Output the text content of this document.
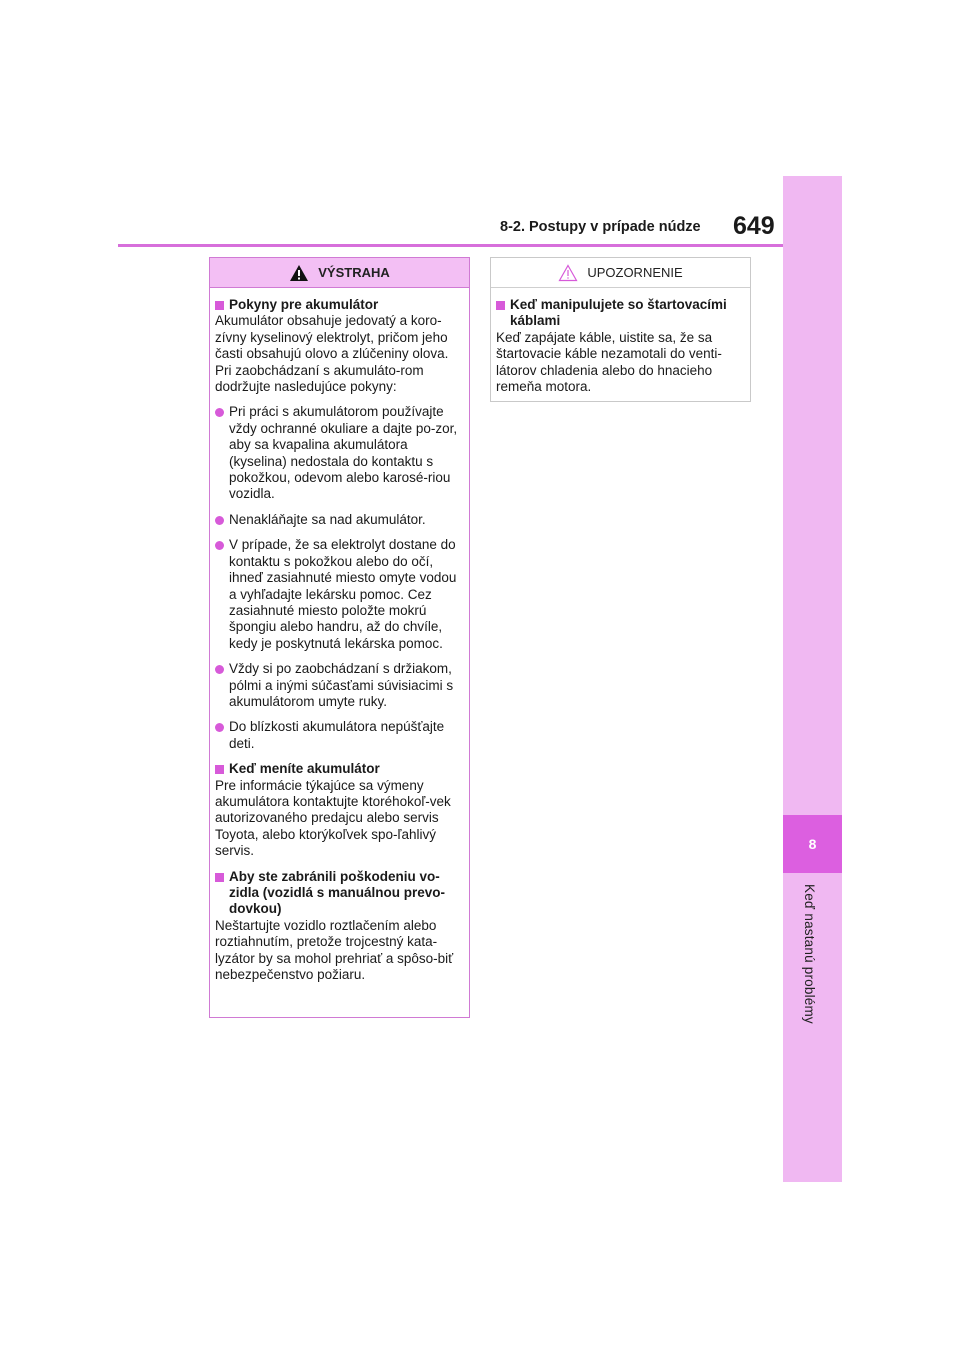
8
Keď nastanú problémy
8-2. Postupy v prípade núdze 649
VÝSTRAHA
Pokyny pre akumulátor
Akumulátor obsahuje jedovatý a koro-zívny kyselinový elektrolyt, pričom jeho časti obsahujú olovo a zlúčeniny olova. Pri zaobchádzaní s akumuláto-rom dodržujte nasledujúce pokyny:
Pri práci s akumulátorom používajte vždy ochranné okuliare a dajte po-zor, aby sa kvapalina akumulátora (kyselina) nedostala do kontaktu s pokožkou, odevom alebo karosé-riou vozidla.
Nenakláňajte sa nad akumulátor.
V prípade, že sa elektrolyt dostane do kontaktu s pokožkou alebo do očí, ihneď zasiahnuté miesto omyte vodou a vyhľadajte lekársku pomoc. Cez zasiahnuté miesto položte mokrú špongiu alebo handru, až do chvíle, kedy je poskytnutá lekárska pomoc.
Vždy si po zaobchádzaní s držiakom, pólmi a inými súčasťami súvisiacimi s akumulátorom umyte ruky.
Do blízkosti akumulátora nepúšťajte deti.
Keď meníte akumulátor
Pre informácie týkajúce sa výmeny akumulátora kontaktujte ktoréhokoľ-vek autorizovaného predajcu alebo servis Toyota, alebo ktorýkoľvek spo-ľahlivý servis.
Aby ste zabránili poškodeniu vo-zidla (vozidlá s manuálnou prevo-dovkou)
Neštartujte vozidlo roztlačením alebo roztiahnutím, pretože trojcestný kata-lyzátor by sa mohol prehriať a spôso-biť nebezpečenstvo požiaru.
UPOZORNENIE
Keď manipulujete so štartovacími káblami
Keď zapájate káble, uistite sa, že sa štartovacie káble nezamotali do venti-látorov chladenia alebo do hnacieho remeňa motora.
